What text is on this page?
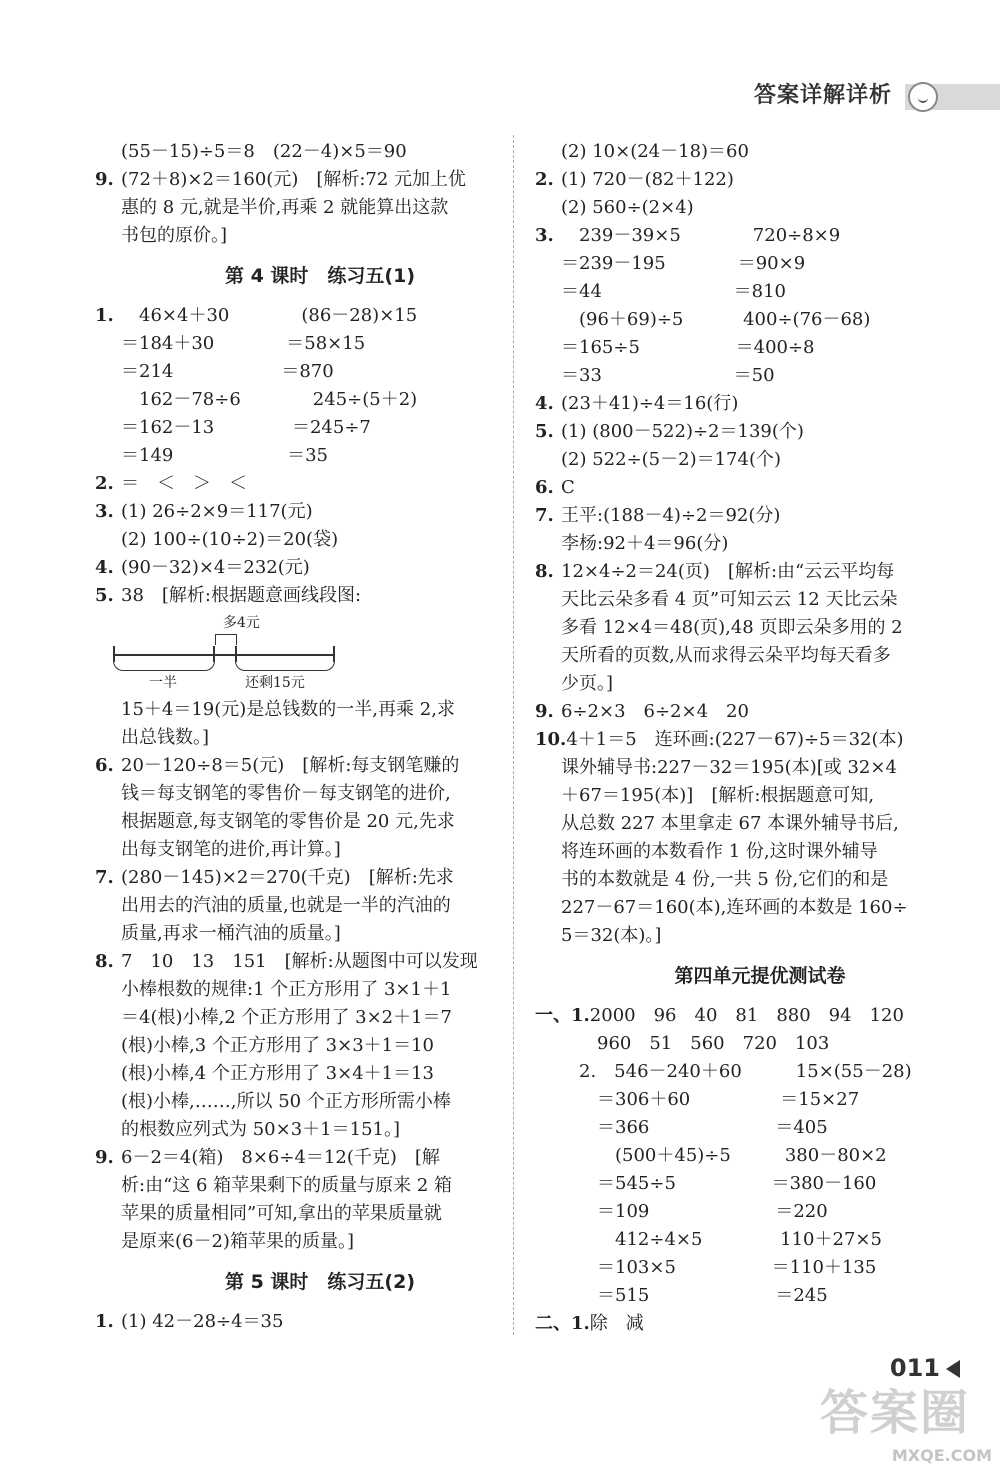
答案详解详析
(55－15)÷5＝8　(22－4)×5＝90
9. (72＋8)×2＝160(元)　[解析:72 元加上优
惠的 8 元,就是半价,再乘 2 就能算出这款
书包的原价。]
第 4 课时　练习五(1)
1.　46×4＋30　　　　(86－28)×15
＝184＋30　　　　＝58×15
＝214　　　　　　＝870
　162－78÷6　　　　245÷(5＋2)
＝162－13　　　　 ＝245÷7
＝149　　　　　　 ＝35
2. ＝　＜　＞　＜
3. (1) 26÷2×9＝117(元)
(2) 100÷(10÷2)＝20(袋)
4. (90－32)×4＝232(元)
5. 38　[解析:根据题意画线段图:
多4元
一半	还剩15元
15＋4＝19(元)是总钱数的一半,再乘 2,求
出总钱数。]
6. 20－120÷8＝5(元)　[解析:每支钢笔赚的
钱＝每支钢笔的零售价－每支钢笔的进价,
根据题意,每支钢笔的零售价是 20 元,先求
出每支钢笔的进价,再计算。]
7. (280－145)×2＝270(千克)　[解析:先求
出用去的汽油的质量,也就是一半的汽油的
质量,再求一桶汽油的质量。]
8. 7　10　13　151　[解析:从题图中可以发现
小棒根数的规律:1 个正方形用了 3×1＋1
＝4(根)小棒,2 个正方形用了 3×2＋1＝7
(根)小棒,3 个正方形用了 3×3＋1＝10
(根)小棒,4 个正方形用了 3×4＋1＝13
(根)小棒,……,所以 50 个正方形所需小棒
的根数应列式为 50×3＋1＝151。]
9. 6－2＝4(箱)　8×6÷4＝12(千克)　[解
析:由“这 6 箱苹果剩下的质量与原来 2 箱
苹果的质量相同”可知,拿出的苹果质量就
是原来(6－2)箱苹果的质量。]
第 5 课时　练习五(2)
1. (1) 42－28÷4＝35
(2) 10×(24－18)＝60
2. (1) 720－(82＋122)
(2) 560÷(2×4)
3.　239－39×5　　　　720÷8×9
＝239－195　　　　＝90×9
＝44　　　　　　　 ＝810
　(96＋69)÷5　　　 400÷(76－68)
＝165÷5　　　　　 ＝400÷8
＝33　　　　　　　 ＝50
4. (23＋41)÷4＝16(行)
5. (1) (800－522)÷2＝139(个)
(2) 522÷(5－2)＝174(个)
6. C
7. 王平:(188－4)÷2＝92(分)
李杨:92＋4＝96(分)
8. 12×4÷2＝24(页)　[解析:由“云云平均每
天比云朵多看 4 页”可知云云 12 天比云朵
多看 12×4＝48(页),48 页即云朵多用的 2
天所看的页数,从而求得云朵平均每天看多
少页。]
9. 6÷2×3　6÷2×4　20
10.4＋1＝5　连环画:(227－67)÷5＝32(本)
课外辅导书:227－32＝195(本)[或 32×4
＋67＝195(本)]　[解析:根据题意可知,
从总数 227 本里拿走 67 本课外辅导书后,
将连环画的本数看作 1 份,这时课外辅导
书的本数就是 4 份,一共 5 份,它们的和是
227－67＝160(本),连环画的本数是 160÷
5＝32(本)。]
第四单元提优测试卷
一、1.2000　96　40　81　880　94　120
　　960　51　560　720　103
　2.　546－240＋60　　　15×(55－28)
　　＝306＋60　　　　　＝15×27
　　＝366　　　　　　　＝405
　　　(500＋45)÷5　　　380－80×2
　　＝545÷5　　　　　 ＝380－160
　　＝109　　　　　　　＝220
　　　412÷4×5　　　　 110＋27×5
　　＝103×5　　　　　 ＝110＋135
　　＝515　　　　　　　＝245
二、1.除　减
011
答案圈
MXQE.COM
